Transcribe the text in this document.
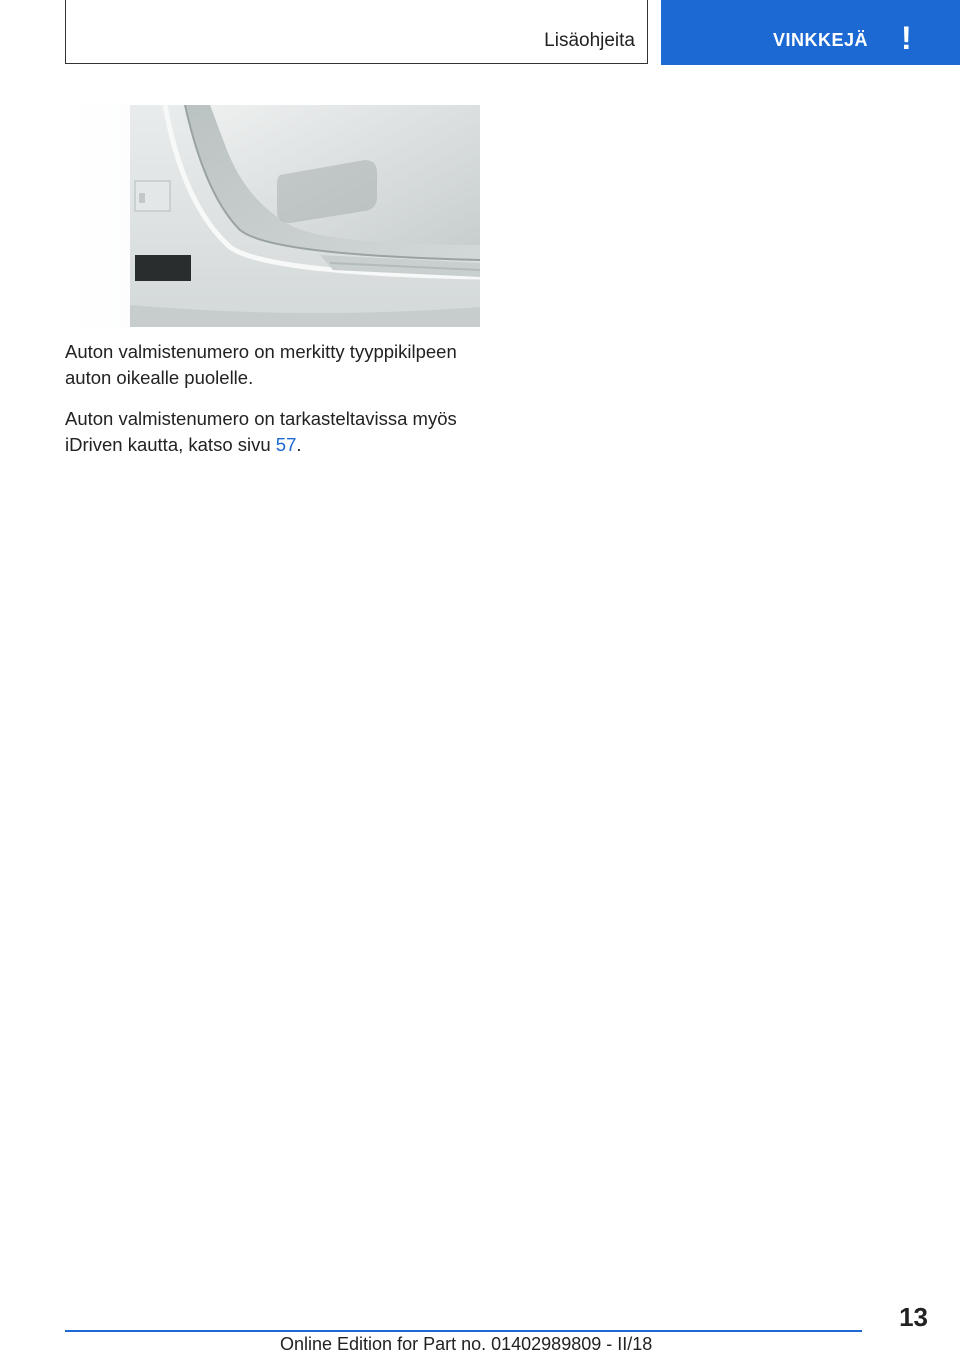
Lisäohjeita	VINKKEJÄ !

Auton valmistenumero on merkitty tyyppikilpeen auton oikealle puolelle.

Auton valmistenumero on tarkasteltavissa myös iDriven kautta, katso sivu 57.

13
Online Edition for Part no. 01402989809 - II/18
